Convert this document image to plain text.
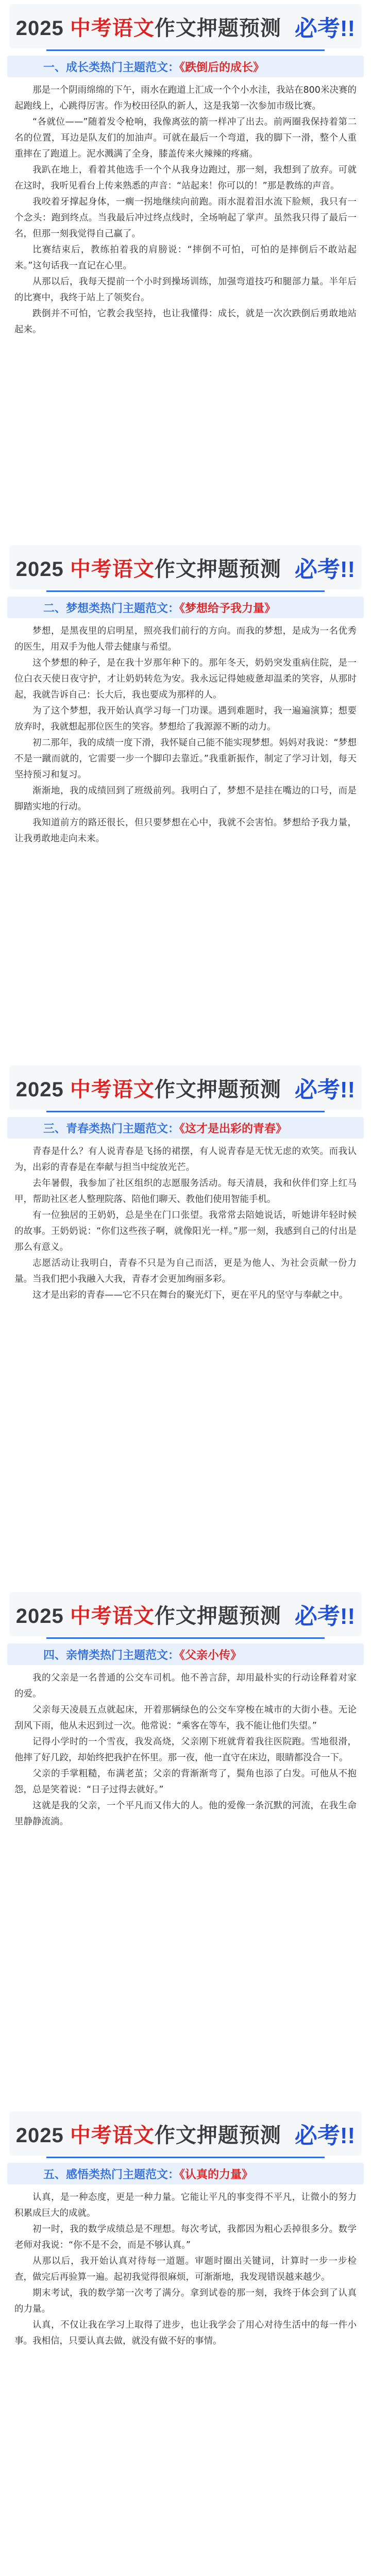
2025 中考语文作文押题预测 必考!!
一、成长类热门主题范文：《跌倒后的成长》

那是一个阴雨绵绵的下午，雨水在跑道上汇成一个个小水洼，我站在800米决赛的起跑线上，心跳得厉害。作为校田径队的新人，这是我第一次参加市级比赛。

“各就位——”随着发令枪响，我像离弦的箭一样冲了出去。前两圈我保持着第二名的位置，耳边是队友们的加油声。可就在最后一个弯道，我的脚下一滑，整个人重重摔在了跑道上。泥水溅满了全身，膝盖传来火辣辣的疼痛。

我趴在地上，看着其他选手一个个从我身边跑过，那一刻，我想到了放弃。可就在这时，我听见看台上传来熟悉的声音：“站起来！你可以的！”那是教练的声音。

我咬着牙撑起身体，一瘸一拐地继续向前跑。雨水混着泪水流下脸颊，我只有一个念头：跑到终点。当我最后冲过终点线时，全场响起了掌声。虽然我只得了最后一名，但那一刻我觉得自己赢了。

比赛结束后，教练拍着我的肩膀说：“摔倒不可怕，可怕的是摔倒后不敢站起来。”这句话我一直记在心里。

从那以后，我每天提前一个小时到操场训练，加强弯道技巧和腿部力量。半年后的比赛中，我终于站上了领奖台。

跌倒并不可怕，它教会我坚持，也让我懂得：成长，就是一次次跌倒后勇敢地站起来。

2025 中考语文作文押题预测 必考!!
二、梦想类热门主题范文：《梦想给予我力量》

梦想，是黑夜里的启明星，照亮我们前行的方向。而我的梦想，是成为一名优秀的医生，用双手为他人带去健康与希望。

这个梦想的种子，是在我十岁那年种下的。那年冬天，奶奶突发重病住院，是一位白衣天使日夜守护，才让奶奶转危为安。我永远记得她疲惫却温柔的笑容，从那时起，我就告诉自己：长大后，我也要成为那样的人。

为了这个梦想，我开始认真学习每一门功课。遇到难题时，我一遍遍演算；想要放弃时，我就想起那位医生的笑容。梦想给了我源源不断的动力。

初二那年，我的成绩一度下滑，我怀疑自己能不能实现梦想。妈妈对我说：“梦想不是一蹴而就的，它需要一步一个脚印去靠近。”我重新振作，制定了学习计划，每天坚持预习和复习。

渐渐地，我的成绩回到了班级前列。我明白了，梦想不是挂在嘴边的口号，而是脚踏实地的行动。

我知道前方的路还很长，但只要梦想在心中，我就不会害怕。梦想给予我力量，让我勇敢地走向未来。

2025 中考语文作文押题预测 必考!!
三、青春类热门主题范文：《这才是出彩的青春》

青春是什么？有人说青春是飞扬的裙摆，有人说青春是无忧无虑的欢笑。而我认为，出彩的青春是在奉献与担当中绽放光芒。

去年暑假，我参加了社区组织的志愿服务活动。每天清晨，我和伙伴们穿上红马甲，帮助社区老人整理院落、陪他们聊天、教他们使用智能手机。

有一位独居的王奶奶，总是坐在门口张望。我常常去陪她说话，听她讲年轻时候的故事。王奶奶说：“你们这些孩子啊，就像阳光一样。”那一刻，我感到自己的付出是那么有意义。

志愿活动让我明白，青春不只是为自己而活，更是为他人、为社会贡献一份力量。当我们把小我融入大我，青春才会更加绚丽多彩。

这才是出彩的青春——它不只在舞台的聚光灯下，更在平凡的坚守与奉献之中。

2025 中考语文作文押题预测 必考!!
四、亲情类热门主题范文：《父亲小传》

我的父亲是一名普通的公交车司机。他不善言辞，却用最朴实的行动诠释着对家的爱。

父亲每天凌晨五点就起床，开着那辆绿色的公交车穿梭在城市的大街小巷。无论刮风下雨，他从未迟到过一次。他常说：“乘客在等车，我不能让他们失望。”

记得小学时的一个雪夜，我发高烧，父亲刚下班就背着我往医院跑。雪地很滑，他摔了好几跤，却始终把我护在怀里。那一夜，他一直守在床边，眼睛都没合一下。

父亲的手掌粗糙，布满老茧；父亲的背渐渐弯了，鬓角也添了白发。可他从不抱怨，总是笑着说：“日子过得去就好。”

这就是我的父亲，一个平凡而又伟大的人。他的爱像一条沉默的河流，在我生命里静静流淌。

2025 中考语文作文押题预测 必考!!
五、感悟类热门主题范文：《认真的力量》

认真，是一种态度，更是一种力量。它能让平凡的事变得不平凡，让微小的努力积累成巨大的成就。

初一时，我的数学成绩总是不理想。每次考试，我都因为粗心丢掉很多分。数学老师对我说：“你不是不会，而是不够认真。”

从那以后，我开始认真对待每一道题。审题时圈出关键词，计算时一步一步检查，做完后再验算一遍。起初我觉得很麻烦，可渐渐地，我发现错误越来越少。

期末考试，我的数学第一次考了满分。拿到试卷的那一刻，我终于体会到了认真的力量。

认真，不仅让我在学习上取得了进步，也让我学会了用心对待生活中的每一件小事。我相信，只要认真去做，就没有做不好的事情。
